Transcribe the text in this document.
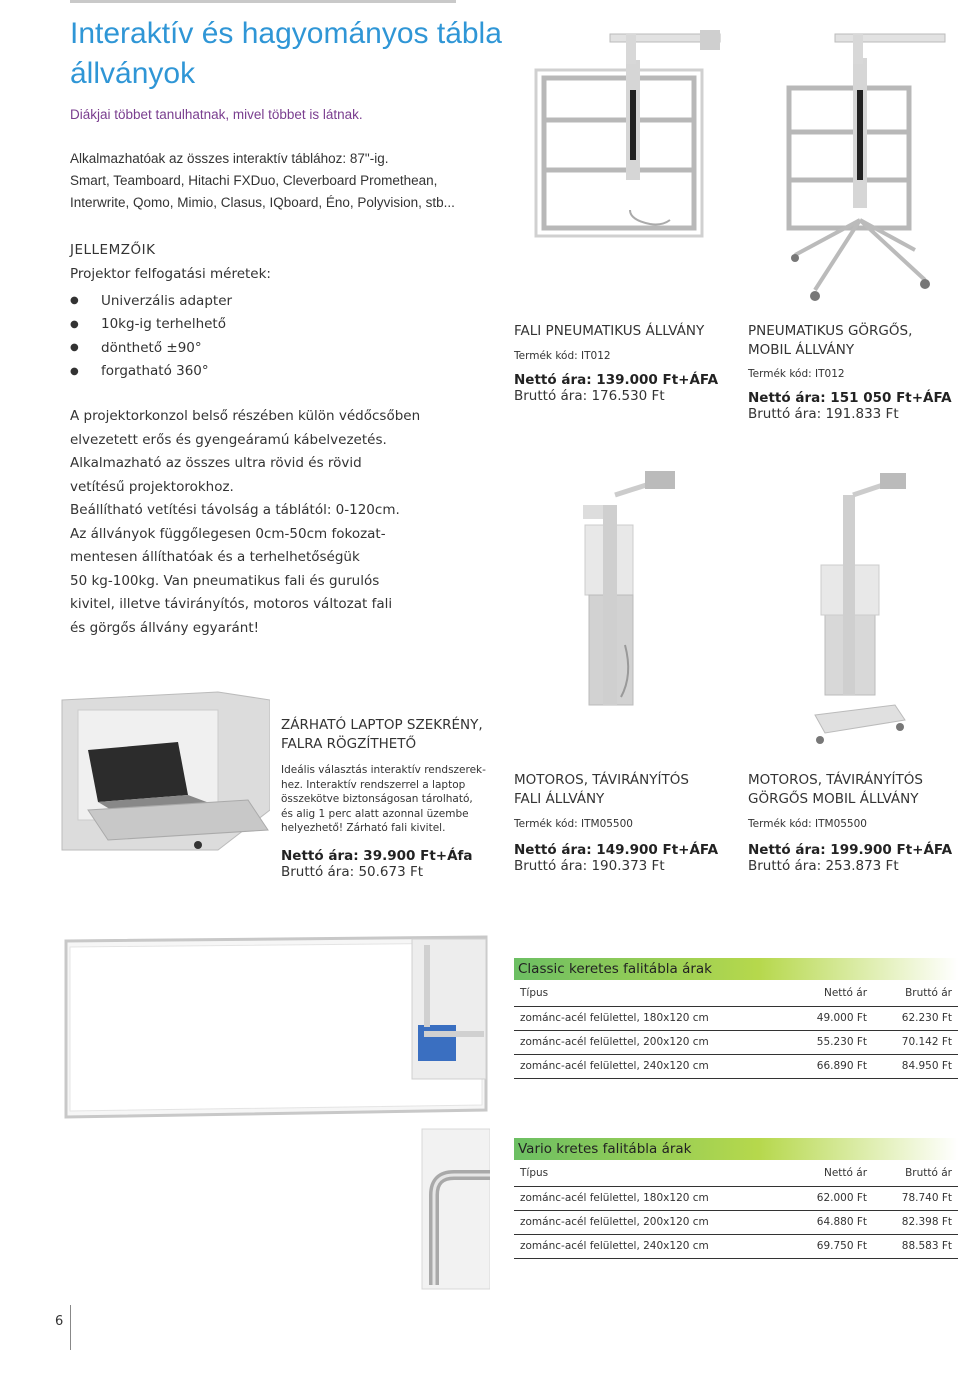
Interaktív és hagyományos tábla állványok
Diákjai többet tanulhatnak, mivel többet is látnak.
Alkalmazhatóak az összes interaktív táblához: 87"-ig.
Smart, Teamboard, Hitachi FXDuo, Cleverboard Promethean,
Interwrite, Qomo, Mimio, Clasus, IQboard, Éno, Polyvision, stb...
JELLEMZŐIK
Projektor felfogatási méretek:
●	Univerzális adapter
●	10kg-ig terhelhető
●	dönthető ±90°
●	forgatható 360°
A projektorkonzol belső részében külön védőcsőben
elvezetett erős és gyengeáramú kábelvezetés.
Alkalmazható az összes ultra rövid és rövid
vetítésű projektorokhoz.
Beállítható vetítési távolság a táblától: 0-120cm.
Az állványok függőlegesen 0cm-50cm fokozat-
mentesen állíthatóak és a terhelhetőségük
50 kg-100kg. Van pneumatikus fali és gurulós
kivitel, illetve távirányítós, motoros változat fali
és görgős állvány egyaránt!
FALI PNEUMATIKUS ÁLLVÁNY
Termék kód: IT012
Nettó ára: 139.000 Ft+ÁFA
Bruttó ára: 176.530 Ft
PNEUMATIKUS GÖRGŐS,
MOBIL ÁLLVÁNY
Termék kód: IT012
Nettó ára: 151 050 Ft+ÁFA
Bruttó ára: 191.833 Ft
ZÁRHATÓ LAPTOP SZEKRÉNY,
FALRA RÖGZÍTHETŐ
Ideális választás interaktív rendszerek-
hez. Interaktív rendszerrel a laptop
összekötve biztonságosan tárolható,
és alig 1 perc alatt azonnal üzembe
helyezhető! Zárható fali kivitel.
Nettó ára: 39.900 Ft+Áfa
Bruttó ára: 50.673 Ft
MOTOROS, TÁVIRÁNYÍTÓS
FALI ÁLLVÁNY
Termék kód: ITM05500
Nettó ára: 149.900 Ft+ÁFA
Bruttó ára: 190.373 Ft
MOTOROS, TÁVIRÁNYÍTÓS
GÖRGŐS MOBIL ÁLLVÁNY
Termék kód: ITM05500
Nettó ára: 199.900 Ft+ÁFA
Bruttó ára: 253.873 Ft
Classic keretes falitábla árak
Típus	Nettó ár	Bruttó ár
zománc-acél felülettel, 180x120 cm	49.000 Ft	62.230 Ft
zománc-acél felülettel, 200x120 cm	55.230 Ft	70.142 Ft
zománc-acél felülettel, 240x120 cm	66.890 Ft	84.950 Ft
Vario kretes falitábla árak
Típus	Nettó ár	Bruttó ár
zománc-acél felülettel, 180x120 cm	62.000 Ft	78.740 Ft
zománc-acél felülettel, 200x120 cm	64.880 Ft	82.398 Ft
zománc-acél felülettel, 240x120 cm	69.750 Ft	88.583 Ft
6
